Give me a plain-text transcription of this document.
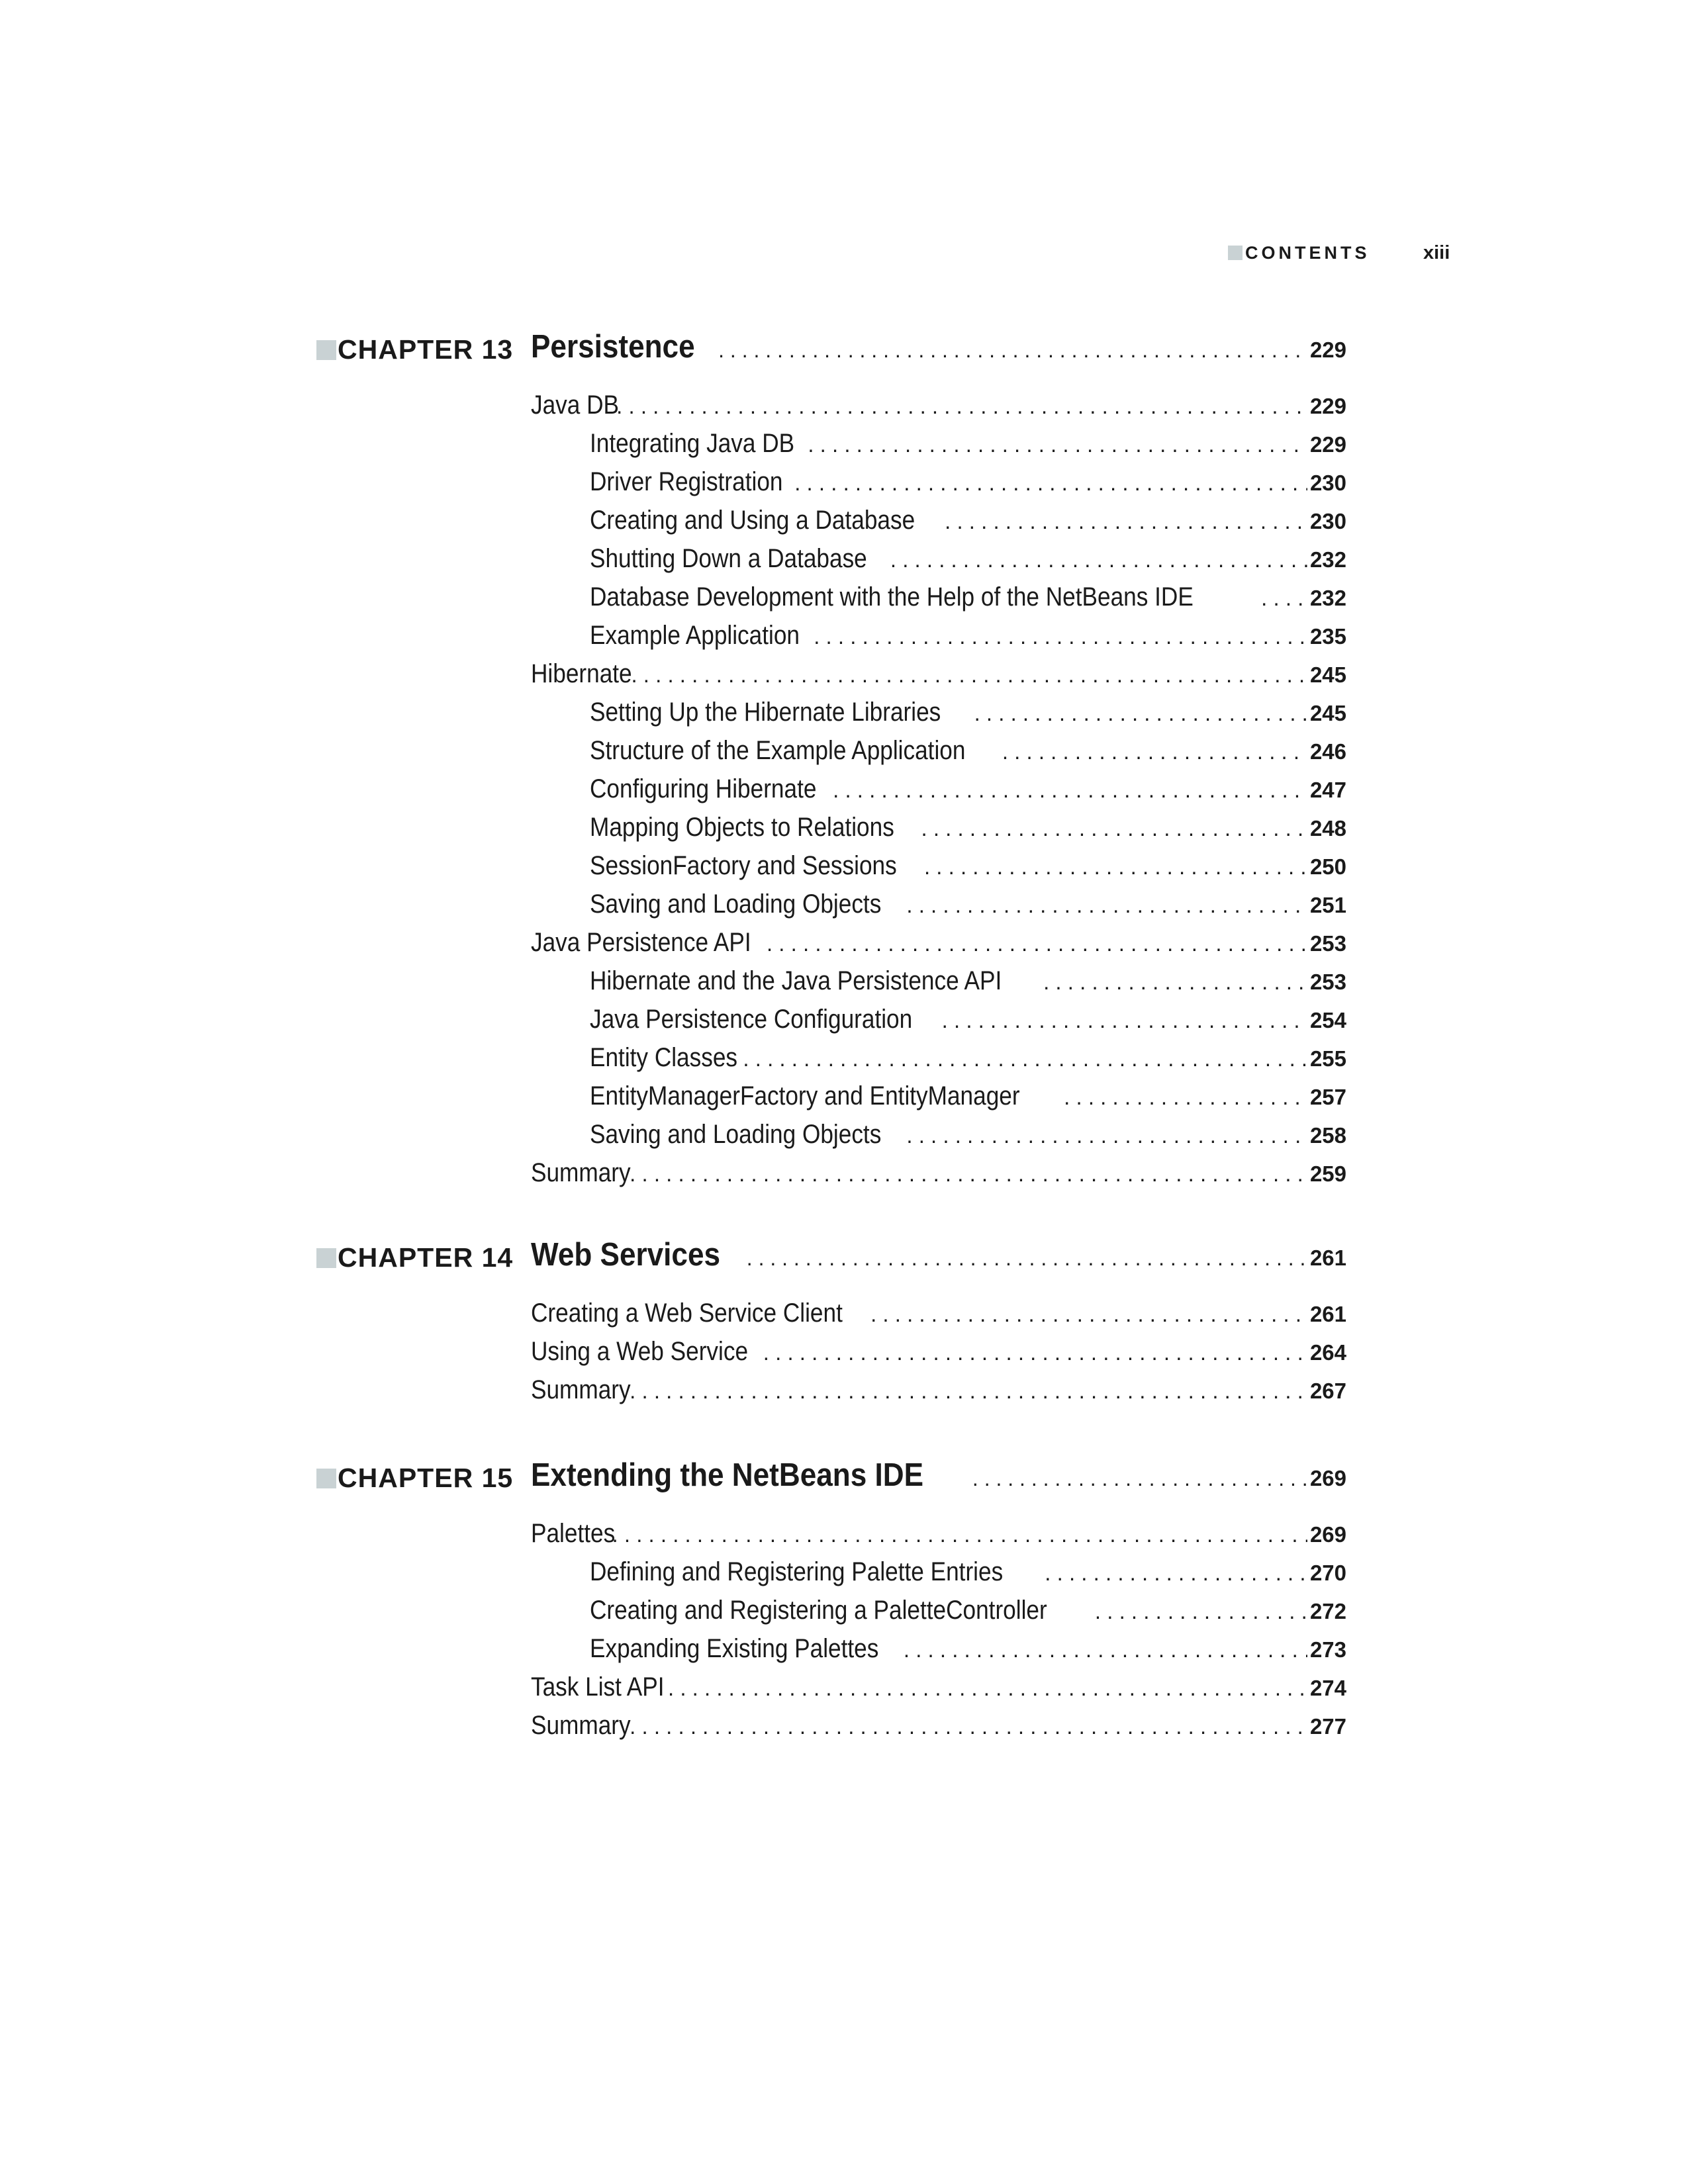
CONTENTS	xiii
CHAPTER 13 Persistence . . .	229
Java DB . . .	229
Integrating Java DB . . .	229
Driver Registration . . .	230
Creating and Using a Database . . .	230
Shutting Down a Database . . .	232
Database Development with the Help of the NetBeans IDE . . .	232
Example Application . . .	235
Hibernate . . .	245
Setting Up the Hibernate Libraries . . .	245
Structure of the Example Application . . .	246
Configuring Hibernate . . .	247
Mapping Objects to Relations . . .	248
SessionFactory and Sessions . . .	250
Saving and Loading Objects . . .	251
Java Persistence API . . .	253
Hibernate and the Java Persistence API . . .	253
Java Persistence Configuration . . .	254
Entity Classes . . .	255
EntityManagerFactory and EntityManager . . .	257
Saving and Loading Objects . . .	258
Summary . . .	259
CHAPTER 14 Web Services . . .	261
Creating a Web Service Client . . .	261
Using a Web Service . . .	264
Summary . . .	267
CHAPTER 15 Extending the NetBeans IDE . . .	269
Palettes . . .	269
Defining and Registering Palette Entries . . .	270
Creating and Registering a PaletteController . . .	272
Expanding Existing Palettes . . .	273
Task List API . . .	274
Summary . . .	277
